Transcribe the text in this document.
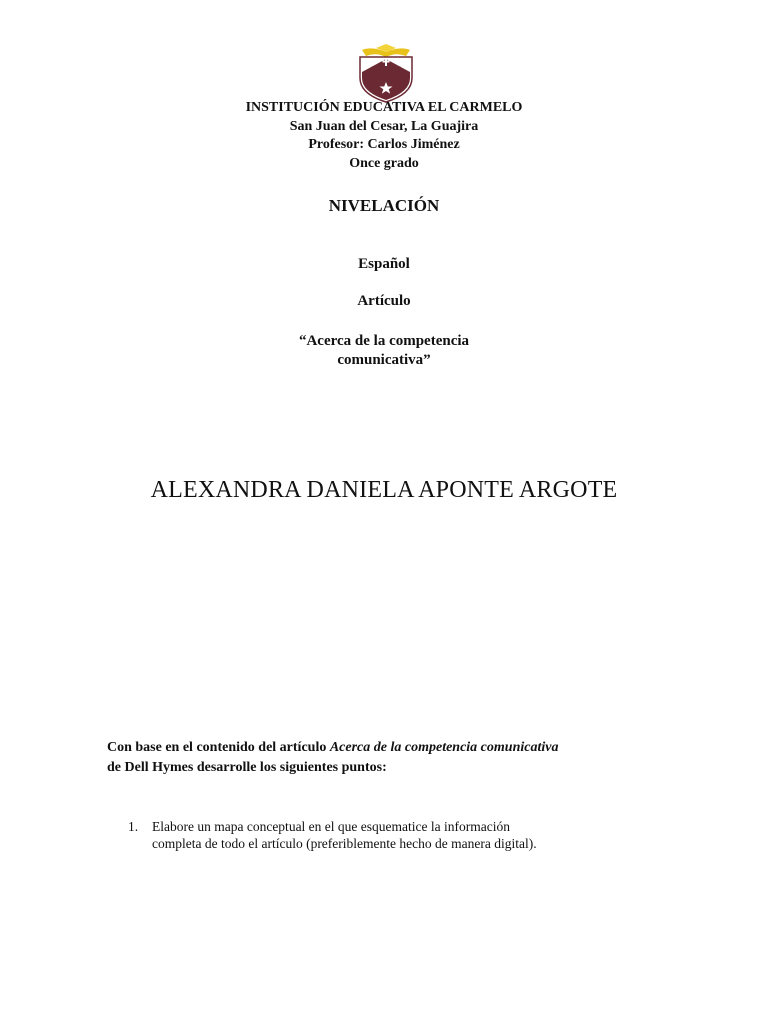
INSTITUCIÓN EDUCATIVA EL CARMELO
San Juan del Cesar, La Guajira
Profesor: Carlos Jiménez
Once grado
NIVELACIÓN
Español
Artículo
“Acerca de la competencia
comunicativa”
ALEXANDRA DANIELA APONTE ARGOTE
Con base en el contenido del artículo Acerca de la competencia comunicativa de Dell Hymes desarrolle los siguientes puntos:
1.	Elabore un mapa conceptual en el que esquematice la información completa de todo el artículo (preferiblemente hecho de manera digital).
